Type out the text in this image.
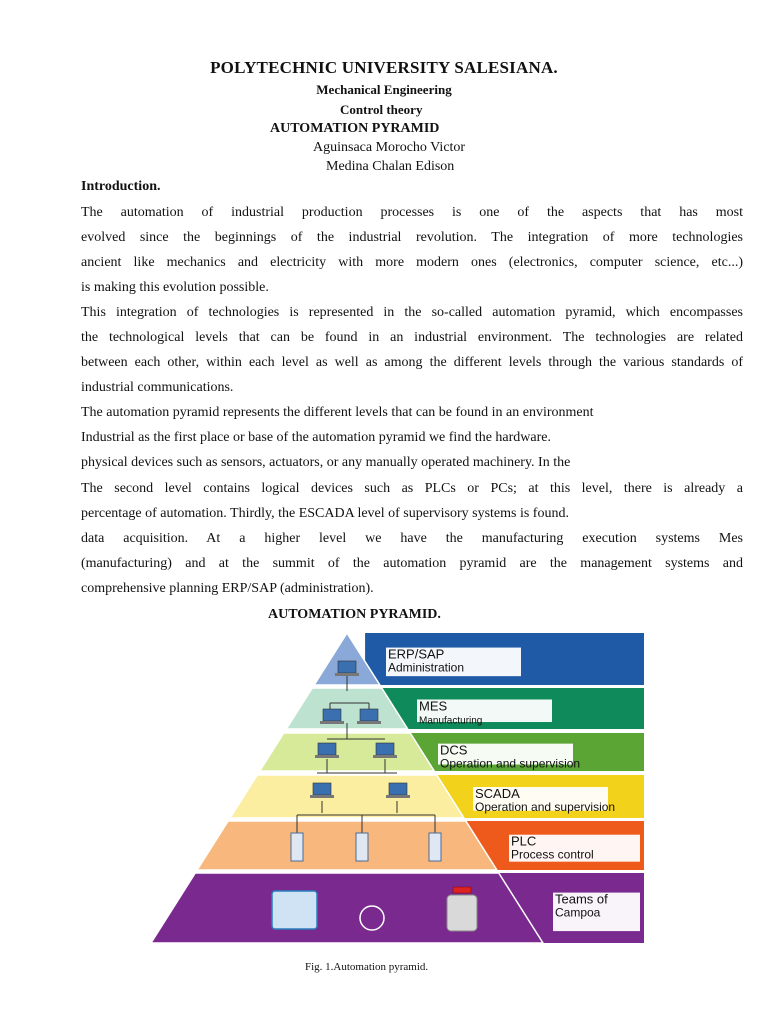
POLYTECHNIC UNIVERSITY SALESIANA.
Mechanical Engineering
Control theory
AUTOMATION PYRAMID
Aguinsaca Morocho Victor
Medina Chalan Edison
Introduction.
The automation of industrial production processes is one of the aspects that has most
evolved since the beginnings of the industrial revolution. The integration of more technologies
ancient like mechanics and electricity with more modern ones (electronics, computer science, etc...)
is making this evolution possible.
This integration of technologies is represented in the so-called automation pyramid, which encompasses
the technological levels that can be found in an industrial environment. The technologies are related
between each other, within each level as well as among the different levels through the various standards of
industrial communications.
The automation pyramid represents the different levels that can be found in an environment
Industrial as the first place or base of the automation pyramid we find the hardware.
physical devices such as sensors, actuators, or any manually operated machinery. In the
The second level contains logical devices such as PLCs or PCs; at this level, there is already a
percentage of automation. Thirdly, the ESCADA level of supervisory systems is found.
data acquisition. At a higher level we have the manufacturing execution systems Mes
(manufacturing) and at the summit of the automation pyramid are the management systems and
comprehensive planning ERP/SAP (administration).
AUTOMATION PYRAMID.
ERP/SAP
Administration
MES
Manufacturing
DCS
Operation and supervision
SCADA
Operation and supervision
PLC
Process control
Teams of
Campoa
Fig. 1.Automation pyramid.
